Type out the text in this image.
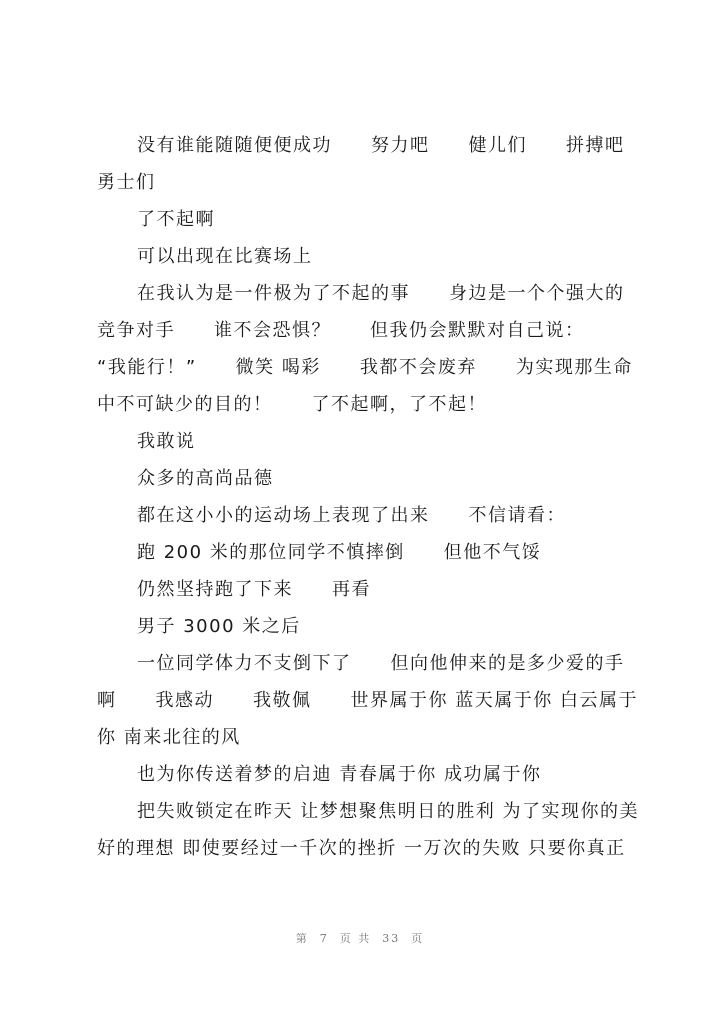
没有谁能随随便便成功　　努力吧　　健儿们　　拼搏吧　　勇士们

了不起啊

可以出现在比赛场上

在我认为是一件极为了不起的事　　身边是一个个强大的竞争对手　　谁不会恐惧？　　但我仍会默默对自己说：　　“我能行！”　　微笑 喝彩　　我都不会废弃　　为实现那生命中不可缺少的目的！　　了不起啊，了不起！

我敢说

众多的高尚品德

都在这小小的运动场上表现了出来　　不信请看：

跑 200 米的那位同学不慎摔倒　　但他不气馁

仍然坚持跑了下来　　再看

男子 3000 米之后

一位同学体力不支倒下了　　但向他伸来的是多少爱的手啊　　我感动　　我敬佩　　世界属于你 蓝天属于你 白云属于你 南来北往的风

也为你传送着梦的启迪 青春属于你 成功属于你

把失败锁定在昨天 让梦想聚焦明日的胜利 为了实现你的美好的理想 即使要经过一千次的挫折 一万次的失败 只要你真正

第  7  页 共  33  页
